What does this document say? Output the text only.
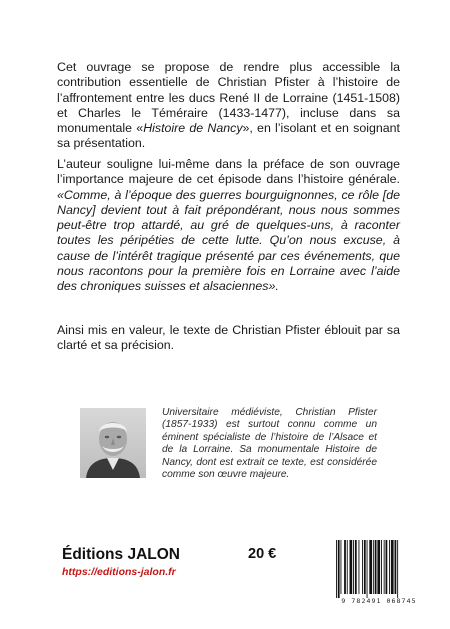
Cet ouvrage se propose de rendre plus accessible la contribution essentielle de Christian Pfister à l’histoire de l’affrontement entre les ducs René II de Lorraine (1451-1508) et Charles le Téméraire (1433-1477), incluse dans sa monumentale «Histoire de Nancy», en l’isolant et en soignant sa présentation.

L’auteur souligne lui-même dans la préface de son ouvrage l’importance majeure de cet épisode dans l’histoire générale. «Comme, à l’époque des guerres bourguignonnes, ce rôle [de Nancy] devient tout à fait prépondérant, nous nous sommes peut-être trop attardé, au gré de quelques-uns, à raconter toutes les péripéties de cette lutte. Qu’on nous excuse, à cause de l’intérêt tragique présenté par ces événements, que nous racontons pour la première fois en Lorraine avec l’aide des chroniques suisses et alsaciennes».

Ainsi mis en valeur, le texte de Christian Pfister éblouit par sa clarté et sa précision.

Universitaire médiéviste, Christian Pfister (1857-1933) est surtout connu comme un éminent spécialiste de l’histoire de l’Alsace et de la Lorraine. Sa monumentale Histoire de Nancy, dont est extrait ce texte, est considérée comme son œuvre majeure.

Éditions JALON
https://editions-jalon.fr
20 €
9 782491 068745
